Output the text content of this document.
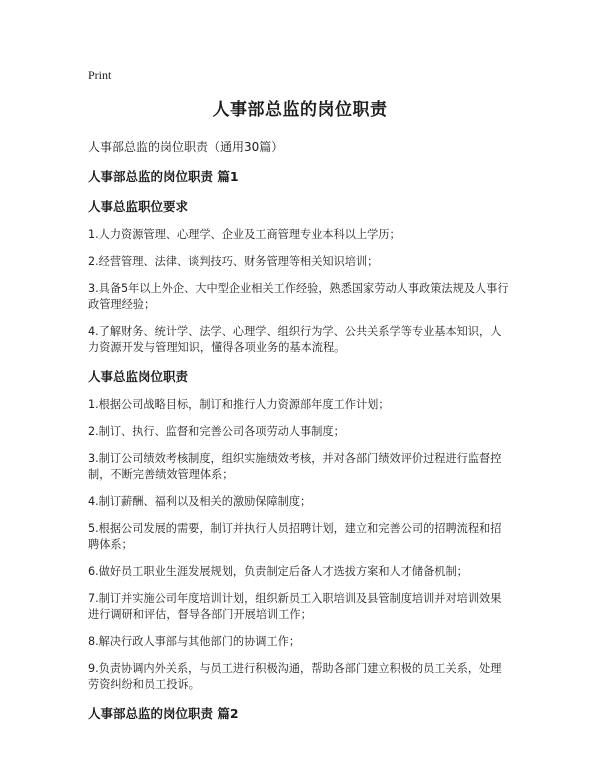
Print
人事部总监的岗位职责
人事部总监的岗位职责（通用30篇）
人事部总监的岗位职责 篇1
人事总监职位要求

1.人力资源管理、心理学、企业及工商管理专业本科以上学历；

2.经营管理、法律、谈判技巧、财务管理等相关知识培训；

3.具备5年以上外企、大中型企业相关工作经验，熟悉国家劳动人事政策法规及人事行政管理经验；

4.了解财务、统计学、法学、心理学、组织行为学、公共关系学等专业基本知识，人力资源开发与管理知识，懂得各项业务的基本流程。

人事总监岗位职责

1.根据公司战略目标，制订和推行人力资源部年度工作计划；

2.制订、执行、监督和完善公司各项劳动人事制度；

3.制订公司绩效考核制度，组织实施绩效考核，并对各部门绩效评价过程进行监督控制，不断完善绩效管理体系；

4.制订薪酬、福利以及相关的激励保障制度；

5.根据公司发展的需要，制订并执行人员招聘计划，建立和完善公司的招聘流程和招聘体系；

6.做好员工职业生涯发展规划，负责制定后备人才选拔方案和人才储备机制；

7.制订并实施公司年度培训计划，组织新员工入职培训及县管制度培训并对培训效果进行调研和评估，督导各部门开展培训工作；

8.解决行政人事部与其他部门的协调工作；

9.负责协调内外关系，与员工进行积极沟通，帮助各部门建立积极的员工关系，处理劳资纠纷和员工投诉。

人事部总监的岗位职责 篇2
